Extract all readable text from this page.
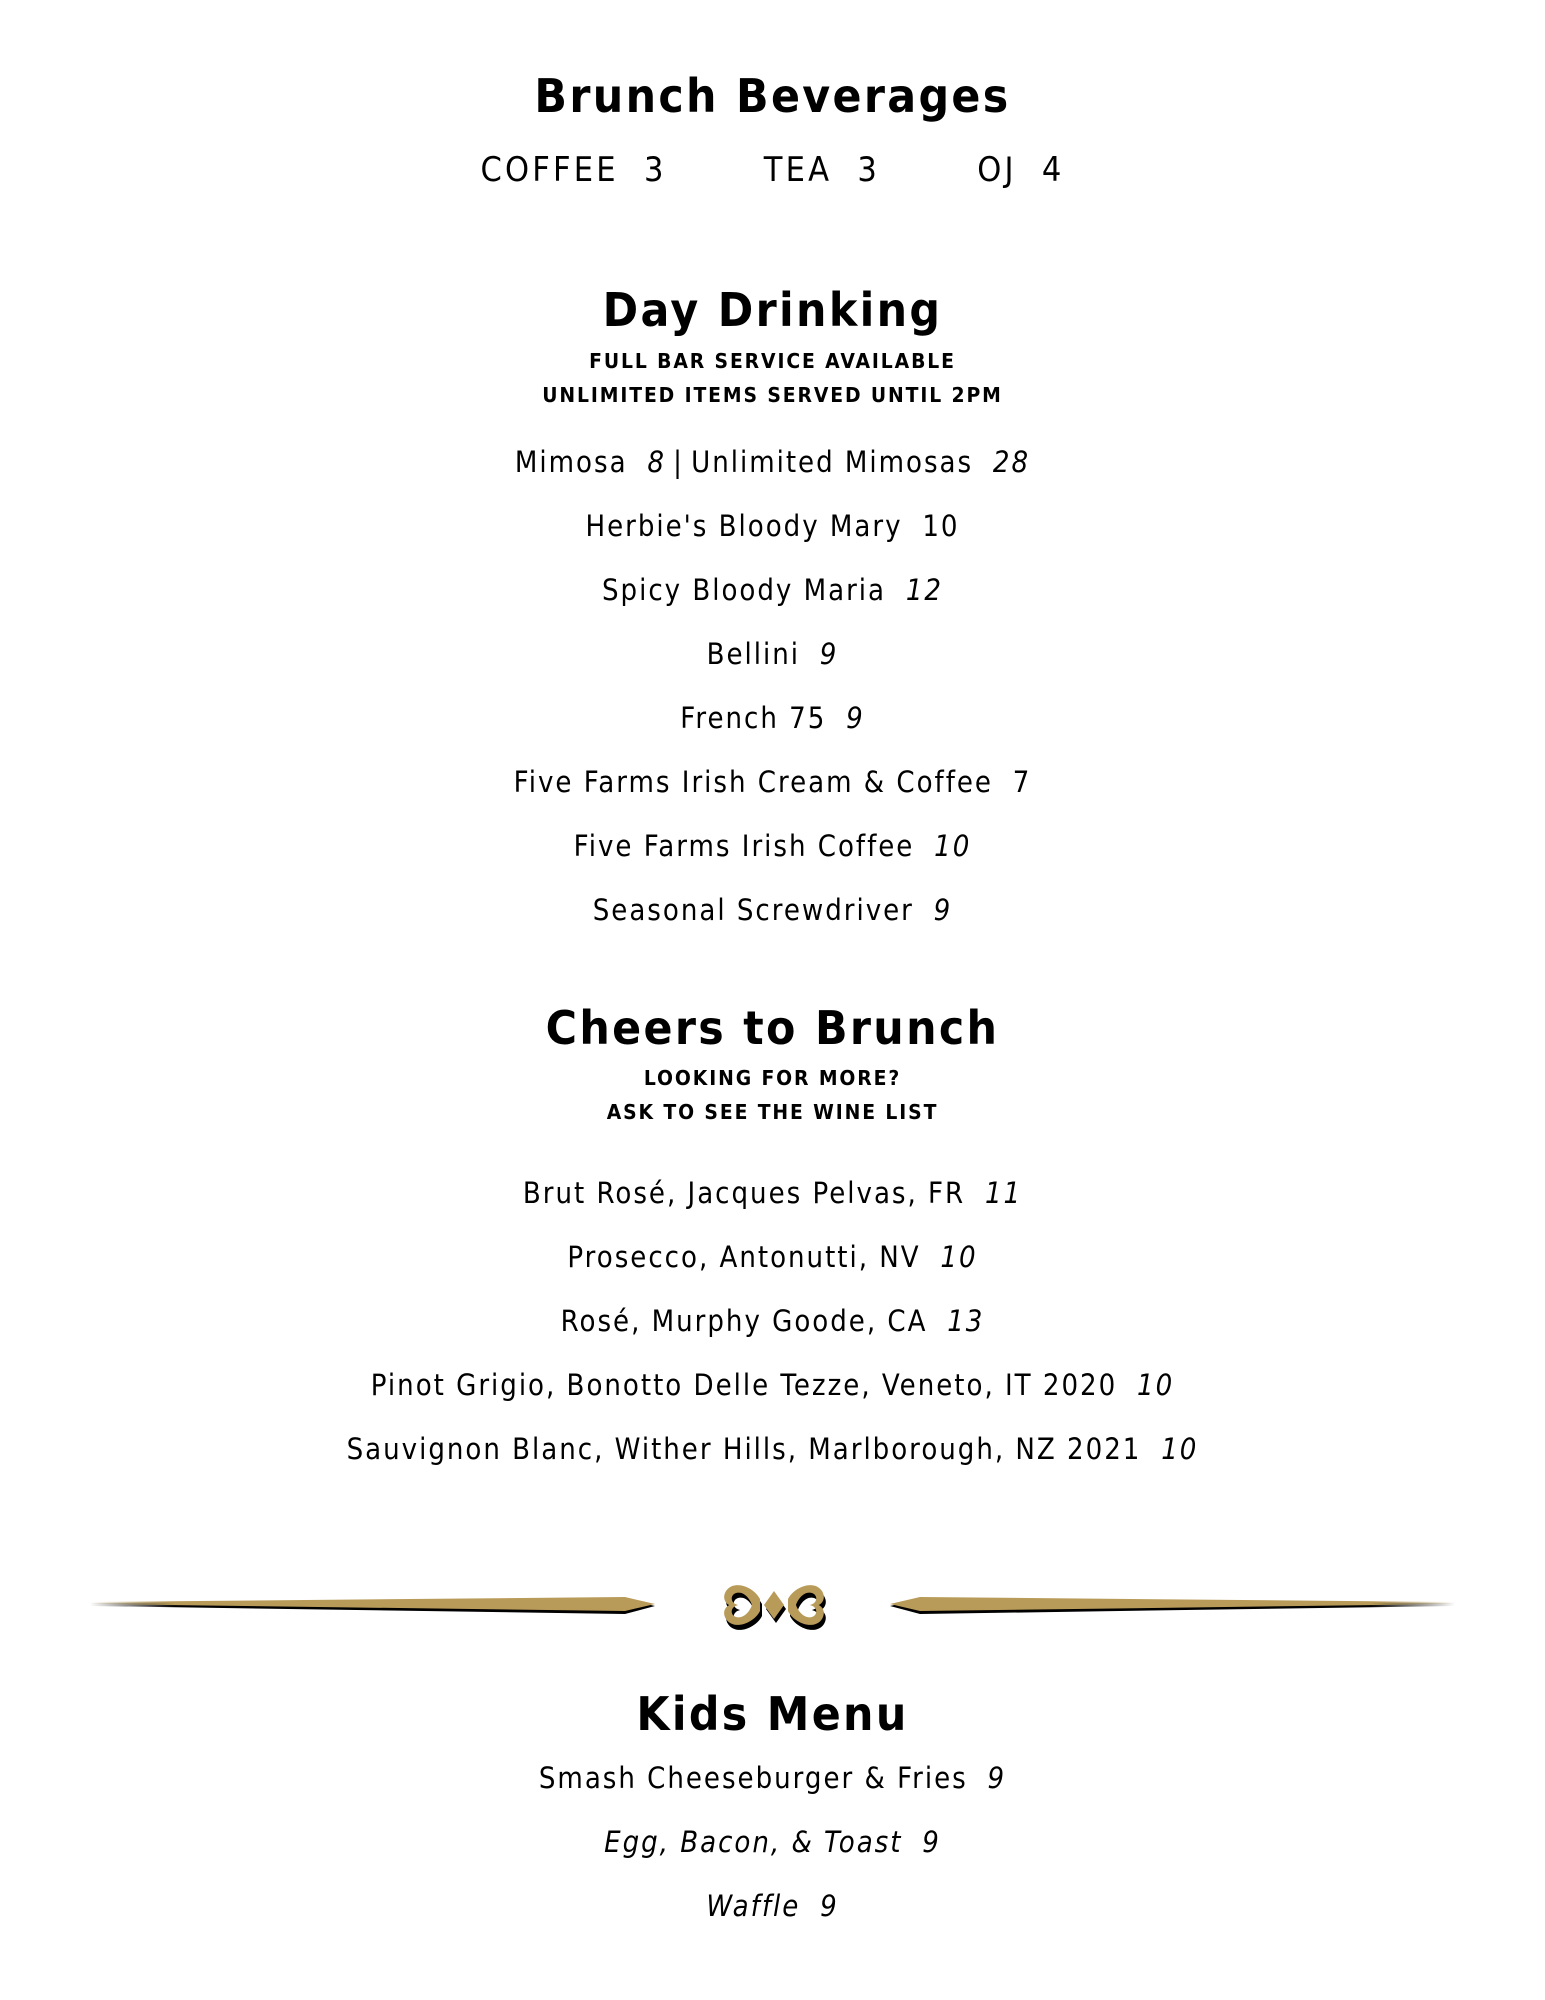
Brunch Beverages
COFFEE 3	TEA 3	OJ 4
Day Drinking
FULL BAR SERVICE AVAILABLE
UNLIMITED ITEMS SERVED UNTIL 2PM
Mimosa 8 | Unlimited Mimosas 28
Herbie's Bloody Mary 10
Spicy Bloody Maria 12
Bellini 9
French 75 9
Five Farms Irish Cream & Coffee 7
Five Farms Irish Coffee 10
Seasonal Screwdriver 9
Cheers to Brunch
LOOKING FOR MORE?
ASK TO SEE THE WINE LIST
Brut Rosé, Jacques Pelvas, FR 11
Prosecco, Antonutti, NV 10
Rosé, Murphy Goode, CA 13
Pinot Grigio, Bonotto Delle Tezze, Veneto, IT 2020 10
Sauvignon Blanc, Wither Hills, Marlborough, NZ 2021 10
Kids Menu
Smash Cheeseburger & Fries 9
Egg, Bacon, & Toast 9
Waffle 9
